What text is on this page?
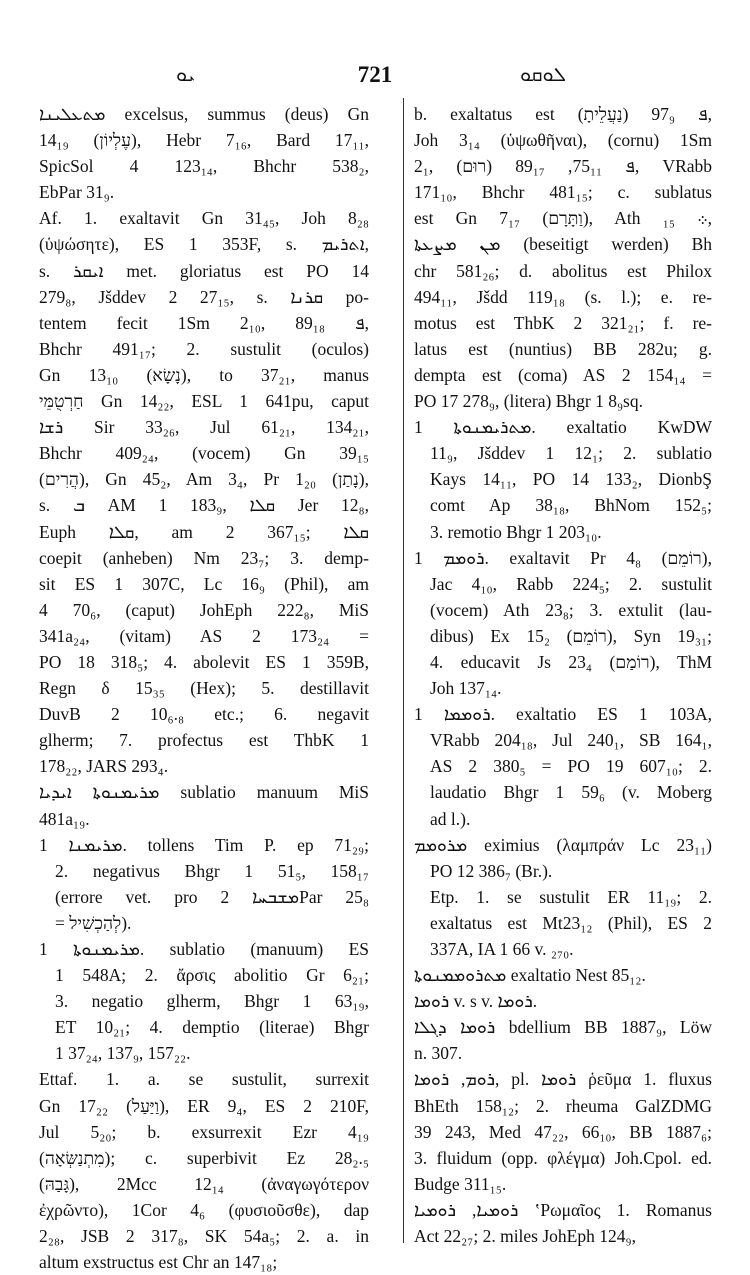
ܝܘ	721	ܠܘܩܘ
ܡܬܥܠܝܢܐ excelsus, summus (deus) Gn
14₁₉ (עֶלְיוֹן), Hebr 7₁₆, Bard 17₁₁,
SpicSol 4 123₁₄, Bhchr 538₂,
EbPar 31₉.
Af. 1. exaltavit Gn 31₄₅, Joh 8₂₈
(ὑψώσητε), ES 1 353F, s. ܐܬܪܝܡ,
s. ܐܝܩܪ met. gloriatus est PO 14
279₈, Jšddev 2 27₁₅, s. ܩܪܢܐ po-
tentem fecit 1Sm 2₁₀, ܦ 89₁₈,
Bhchr 491₁₇; 2. sustulit (oculos)
Gn 13₁₀ (נָשָׂא), to 37₂₁, manus
חַרְטֻמֵּי Gn 14₂₂, ESL 1 641pu, caput
ܪܫܐ Sir 33₂₆, Jul 61₂₁, 134₂₁,
Bhchr 409₂₄, (vocem) Gn 39₁₅
(הֲרִים), Gn 45₂, Am 3₄, Pr 1₂₀ (נָתַן),
s. ܒ AM 1 183₉, ܩܠܐ Jer 12₈,
Euph ܩܠܐ, am 2 367₁₅; ܩܠܐ
coepit (anheben) Nm 23₇; 3. demp-
sit ES 1 307C, Lc 16₉ (Phil), am
4 70₆, (caput) JohEph 222₈, MiS
341a₂₄, (vitam) AS 2 173₂₄ =
PO 18 318₅; 4. abolevit ES 1 359B,
Regn δ 15₃₅ (Hex); 5. destillavit
DuvB 2 10₆.₈ etc.; 6. negavit
glherm; 7. profectus est ThbK 1
178₂₂, JARS 293₄.
ܡܪܝܡܢܘܬܐ ܐܝܕܝܐ sublatio manuum MiS
481a₁₉.
ܡܪܝܡܢܐ 1. tollens Tim P. ep 71₂₉;
2. negativus Bhgr 1 51₅, 158₁₇
(errore vet. pro ܡܫܒܚܐ 2Par 25₈
= לְהַכְשִׁיל).
ܡܪܝܡܢܘܬܐ 1. sublatio (manuum) ES
1 548A; 2. ἄρσις abolitio Gr 6₂₁;
3. negatio glherm, Bhgr 1 63₁₉,
ET 10₂₁; 4. demptio (literae) Bhgr
1 37₂₄, 137₉, 157₂₂.
Ettaf. 1. a. se sustulit, surrexit
Gn 17₂₂ (וַיַּעַל), ER 9₄, ES 2 210F,
Jul 5₂₀; b. exsurrexit Ezr 4₁₉
(מִתְנַשְּׂאָה); c. superbivit Ez 28₂.₅
(גָּבַהּ), 2Mcc 12₁₄ (ἀναγωγότερον
ἐχρῶντο), 1Cor 4₆ (φυσιοῦσθε), dap
2₂₈, JSB 2 317₈, SK 54a₅; 2. a. in
altum exstructus est Chr an 147₁₈;
b. exaltatus est ܦ 97₉ (נַעֲלֵיתָ),
Joh 3₁₄ (ὑψωθῆναι), (cornu) 1Sm
2₁, ܦ 75₁₁, 89₁₇ (רוּם), VRabb
171₁₀, Bhchr 481₁₅; c. sublatus
est Gn 7₁₇ (וַתָּרָם), Ath ܀ ₁₅,
ܡܢ ܡܨܥܬܐ (beseitigt werden) Bh
chr 581₂₆; d. abolitus est Philox
494₁₁, Jšdd 119₁₈ (s. l.); e. re-
motus est ThbK 2 321₂₁; f. re-
latus est (nuntius) BB 282u; g.
dempta est (coma) AS 2 154₁₄ =
PO 17 278₉, (litera) Bhgr 1 8₉sq.
ܡܬܪܝܡܢܘܬܐ 1. exaltatio KwDW
11₉, Jšddev 1 12₁; 2. sublatio
Kays 14₁₁, PO 14 133₂, DionbŞ
comt Ap 38₁₈, BhNom 152₅;
3. remotio Bhgr 1 203₁₀.
ܪܘܡܡ 1. exaltavit Pr 4₈ (רוֹמֵם),
Jac 4₁₀, Rabb 224₅; 2. sustulit
(vocem) Ath 23₈; 3. extulit (lau-
dibus) Ex 15₂ (רוֹמֵם), Syn 19₃₁;
4. educavit Js 23₄ (רוֹמַם), ThM
Joh 137₁₄.
ܪܘܡܡܐ 1. exaltatio ES 1 103A,
VRabb 204₁₈, Jul 240₁, SB 164₁,
AS 2 380₅ = PO 19 607₁₀; 2.
laudatio Bhgr 1 59₆ (v. Moberg
ad l.).
ܡܪܘܡܡ eximius (λαμπράν Lc 23₁₁)
PO 12 386₇ (Br.).
Etp. 1. se sustulit ER 11₁₉; 2.
exaltatus est Mt23₁₂ (Phil), ES 2
337A, IA 1 66 v. ₂₇₀.
ܡܬܪܘܡܡܢܘܬܐ exaltatio Nest 85₁₂.
ܪܘܡܐ v. s v. ܪܘܡܐ.
ܪܘܡܐ ܕܓܠܐ bdellium BB 1887₉, Löw
n. 307.
ܪܘܡ, ܪܘܡܐ, pl. ܪܘܡܐ ῥεῦμα 1. fluxus
BhEth 158₁₂; 2. rheuma GalZDMG
39 243, Med 47₂₂, 66₁₀, BB 1887₆;
3. fluidum (opp. φλέγμα) Joh.Cpol. ed.
Budge 311₁₅.
ܪܘܡܝܐ, ܪܘܡܝܐ ʽΡωμαῖος 1. Romanus
Act 22₂₇; 2. miles JohEph 124₉,
